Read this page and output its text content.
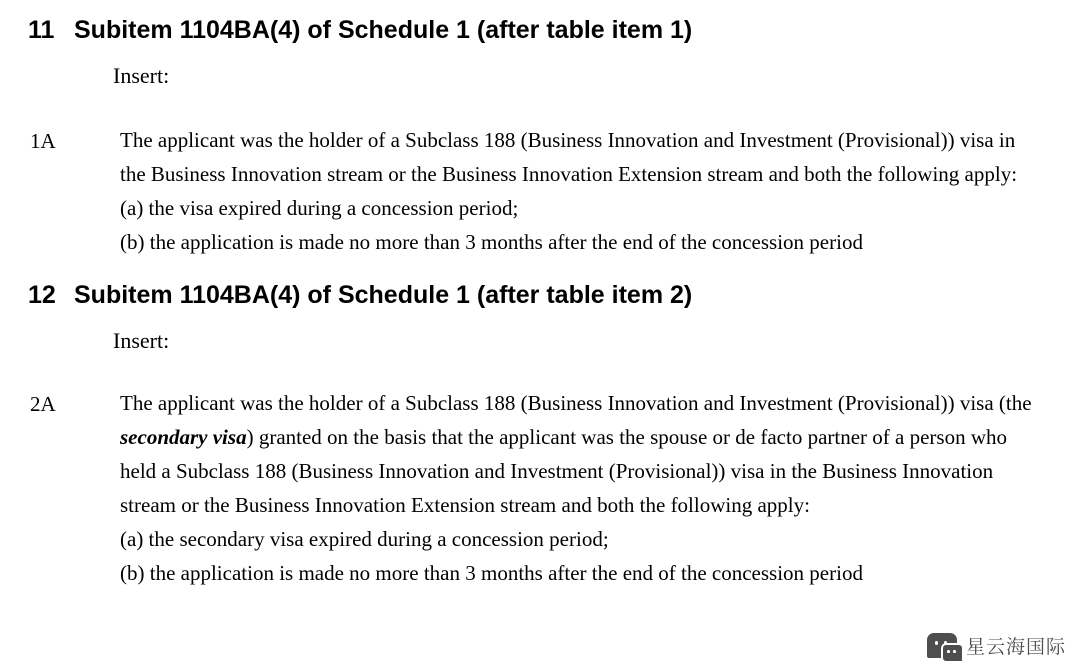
11 Subitem 1104BA(4) of Schedule 1 (after table item 1)
Insert:
1A	The applicant was the holder of a Subclass 188 (Business Innovation and Investment (Provisional)) visa in the Business Innovation stream or the Business Innovation Extension stream and both the following apply:

(a) the visa expired during a concession period;

(b) the application is made no more than 3 months after the end of the concession period

12 Subitem 1104BA(4) of Schedule 1 (after table item 2)
Insert:
2A	The applicant was the holder of a Subclass 188 (Business Innovation and Investment (Provisional)) visa (the secondary visa) granted on the basis that the applicant was the spouse or de facto partner of a person who held a Subclass 188 (Business Innovation and Investment (Provisional)) visa in the Business Innovation stream or the Business Innovation Extension stream and both the following apply:

(a) the secondary visa expired during a concession period;

(b) the application is made no more than 3 months after the end of the concession period

星云海国际
